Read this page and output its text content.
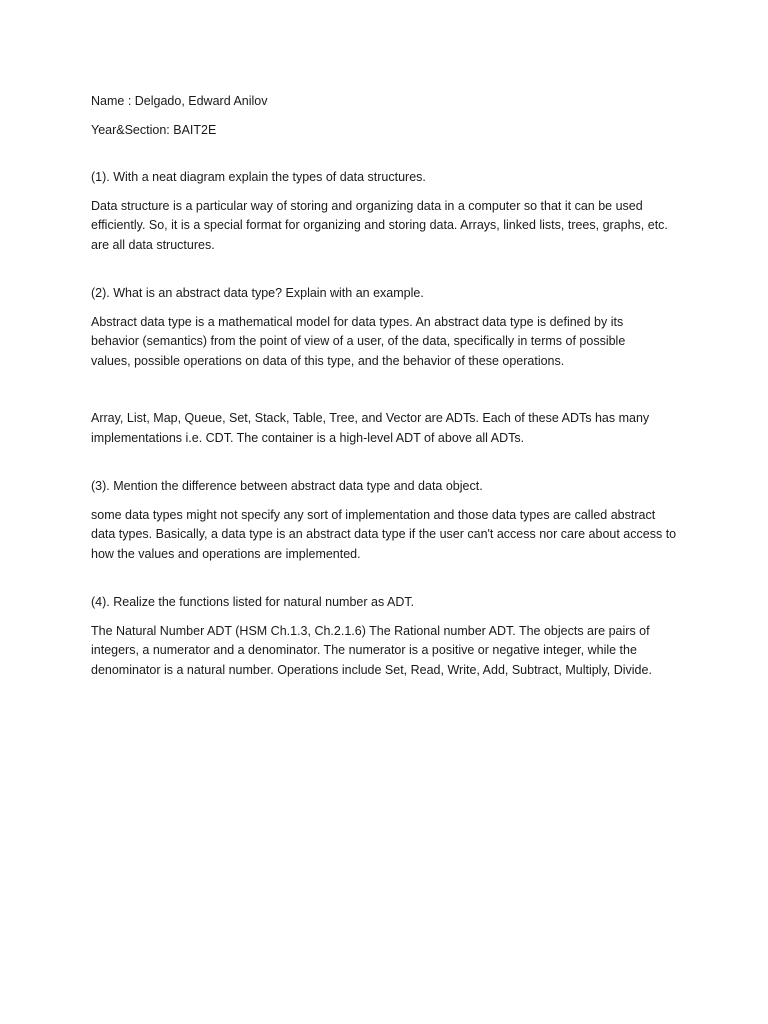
Name : Delgado, Edward Anilov

Year&Section: BAIT2E

(1). With a neat diagram explain the types of data structures.

Data structure is a particular way of storing and organizing data in a computer so that it can be used

efficiently. So, it is a special format for organizing and storing data. Arrays, linked lists, trees, graphs, etc.

are all data structures.

(2). What is an abstract data type? Explain with an example.

Abstract data type is a mathematical model for data types. An abstract data type is defined by its

behavior (semantics) from the point of view of a user, of the data, specifically in terms of possible

values, possible operations on data of this type, and the behavior of these operations.

Array, List, Map, Queue, Set, Stack, Table, Tree, and Vector are ADTs. Each of these ADTs has many

implementations i.e. CDT. The container is a high-level ADT of above all ADTs.

(3). Mention the difference between abstract data type and data object.

some data types might not specify any sort of implementation and those data types are called abstract

data types. Basically, a data type is an abstract data type if the user can't access nor care about access to

how the values and operations are implemented.

(4). Realize the functions listed for natural number as ADT.

The Natural Number ADT (HSM Ch.1.3, Ch.2.1.6) The Rational number ADT. The objects are pairs of

integers, a numerator and a denominator. The numerator is a positive or negative integer, while the

denominator is a natural number. Operations include Set, Read, Write, Add, Subtract, Multiply, Divide.
